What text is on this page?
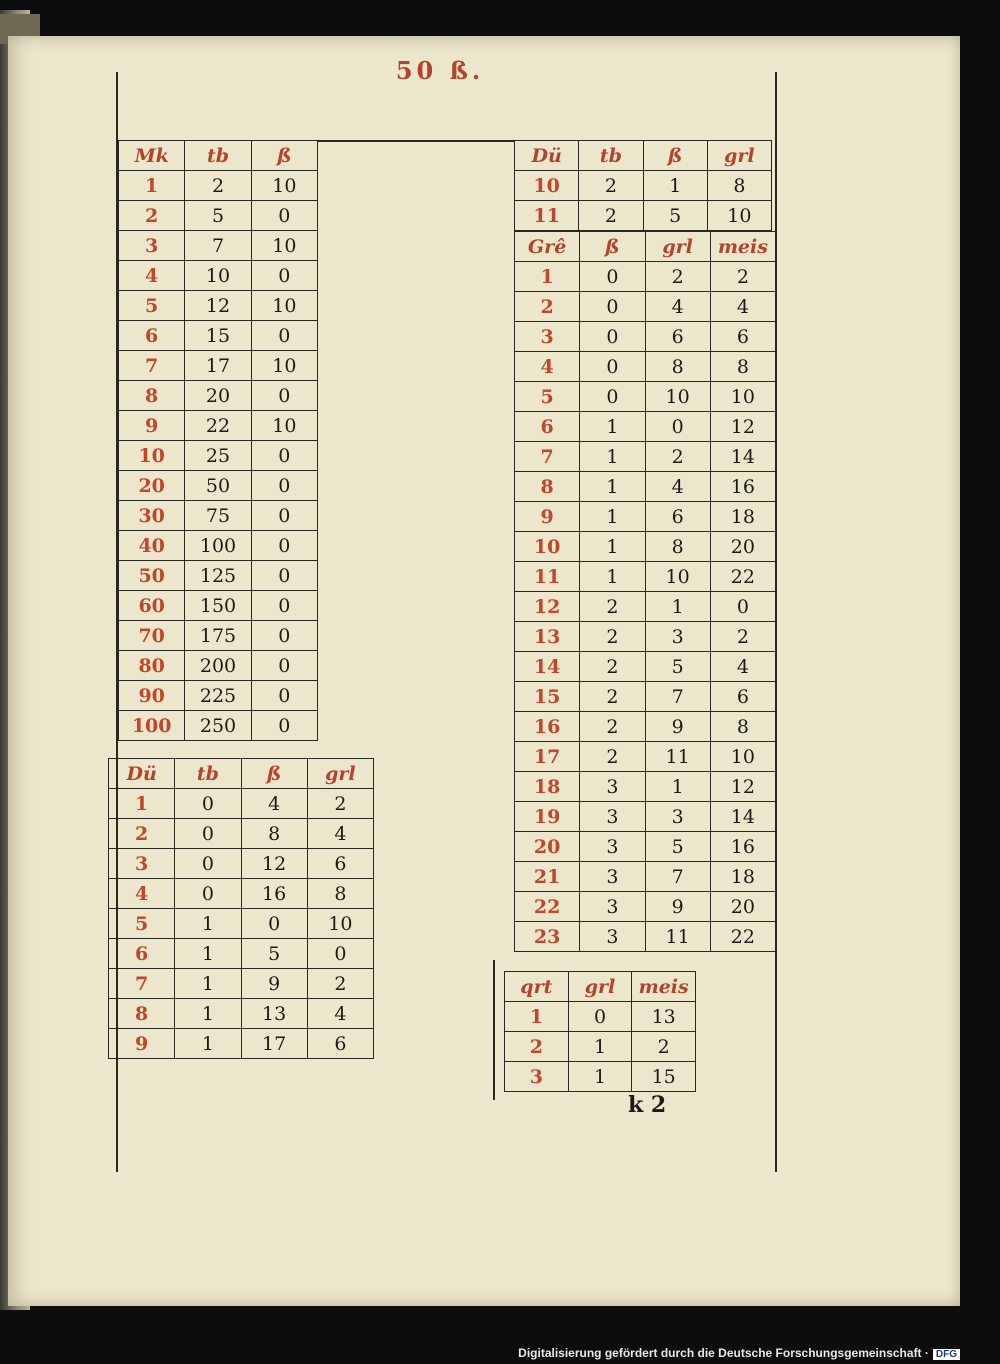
50 ß.
Mk	tb	ß
1	2	10
2	5	0
3	7	10
4	10	0
5	12	10
6	15	0
7	17	10
8	20	0
9	22	10
10	25	0
20	50	0
30	75	0
40	100	0
50	125	0
60	150	0
70	175	0
80	200	0
90	225	0
100	250	0
Dü	tb	ß	grl
1	0	4	2
2	0	8	4
3	0	12	6
4	0	16	8
5	1	0	10
6	1	5	0
7	1	9	2
8	1	13	4
9	1	17	6
Dü	tb	ß	grl
10	2	1	8
11	2	5	10
Grê	ß	grl	meis
1	0	2	2
2	0	4	4
3	0	6	6
4	0	8	8
5	0	10	10
6	1	0	12
7	1	2	14
8	1	4	16
9	1	6	18
10	1	8	20
11	1	10	22
12	2	1	0
13	2	3	2
14	2	5	4
15	2	7	6
16	2	9	8
17	2	11	10
18	3	1	12
19	3	3	14
20	3	5	16
21	3	7	18
22	3	9	20
23	3	11	22
qrt	grl	meis
1	0	13
2	1	2
3	1	15
k 2
Digitalisierung gefördert durch die Deutsche Forschungsgemeinschaft · DFG
